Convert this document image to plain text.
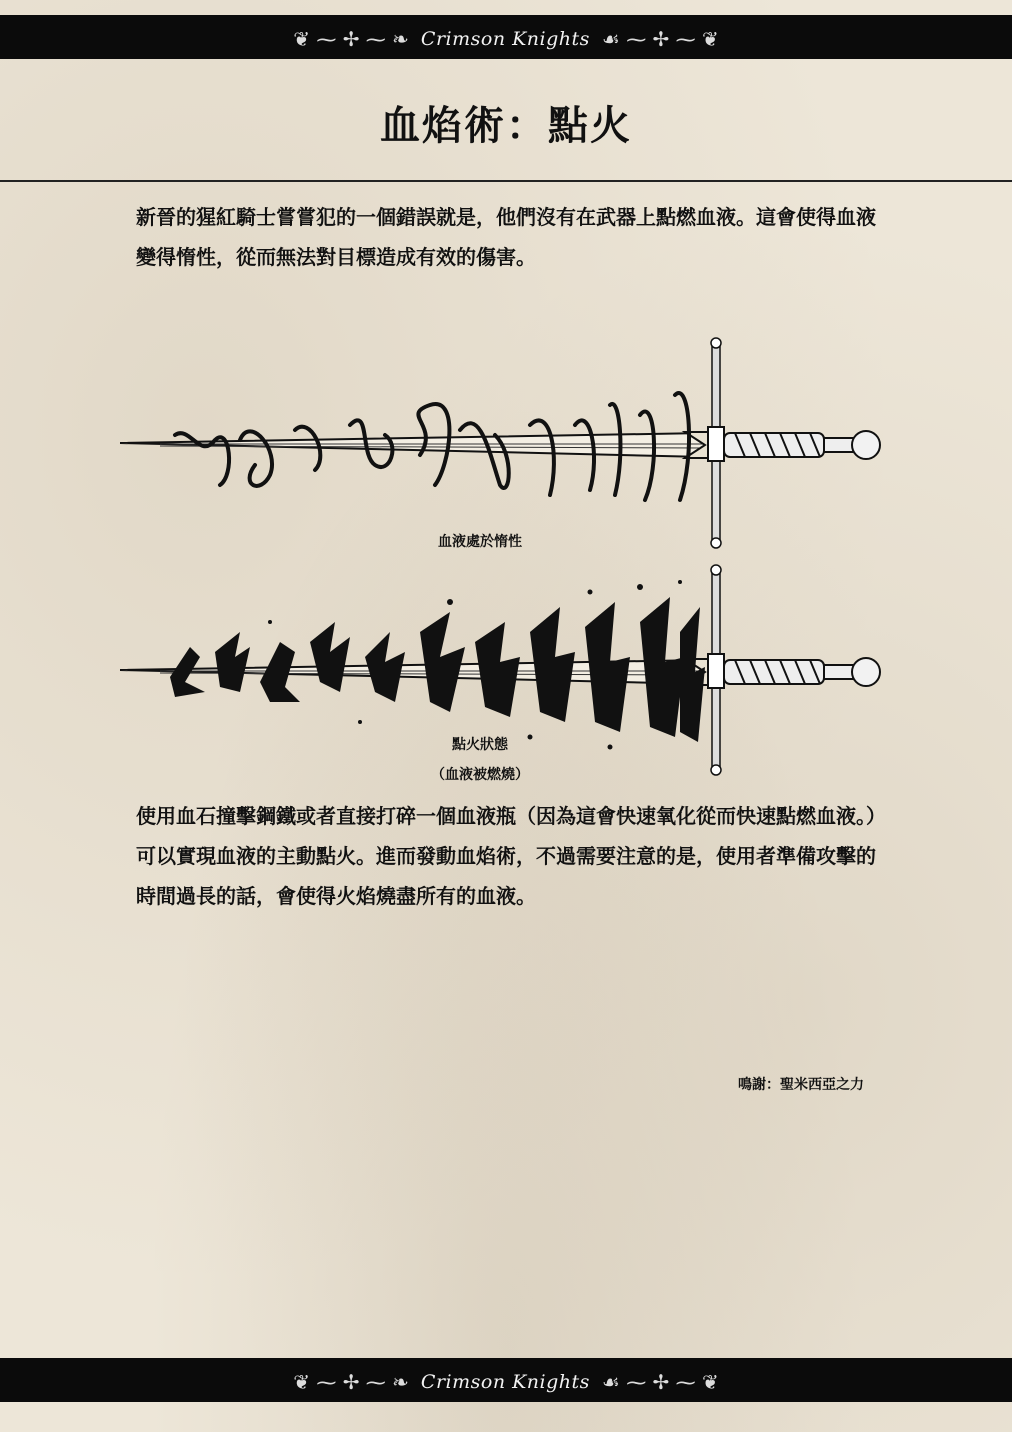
❦ ⁓ ✢ ⁓ ❧ Crimson Knights ☙ ⁓ ✢ ⁓ ❦
血焰術：點火
新晉的猩紅騎士嘗嘗犯的一個錯誤就是，他們沒有在武器上點燃血液。這會使得血液變得惰性，從而無法對目標造成有效的傷害。
血液處於惰性
點火狀態
（血液被燃燒）
使用血石撞擊鋼鐵或者直接打碎一個血液瓶（因為這會快速氧化從而快速點燃血液。）可以實現血液的主動點火。進而發動血焰術，不過需要注意的是，使用者準備攻擊的時間過長的話，會使得火焰燒盡所有的血液。
鳴謝：聖米西亞之力
❦ ⁓ ✢ ⁓ ❧ Crimson Knights ☙ ⁓ ✢ ⁓ ❦
